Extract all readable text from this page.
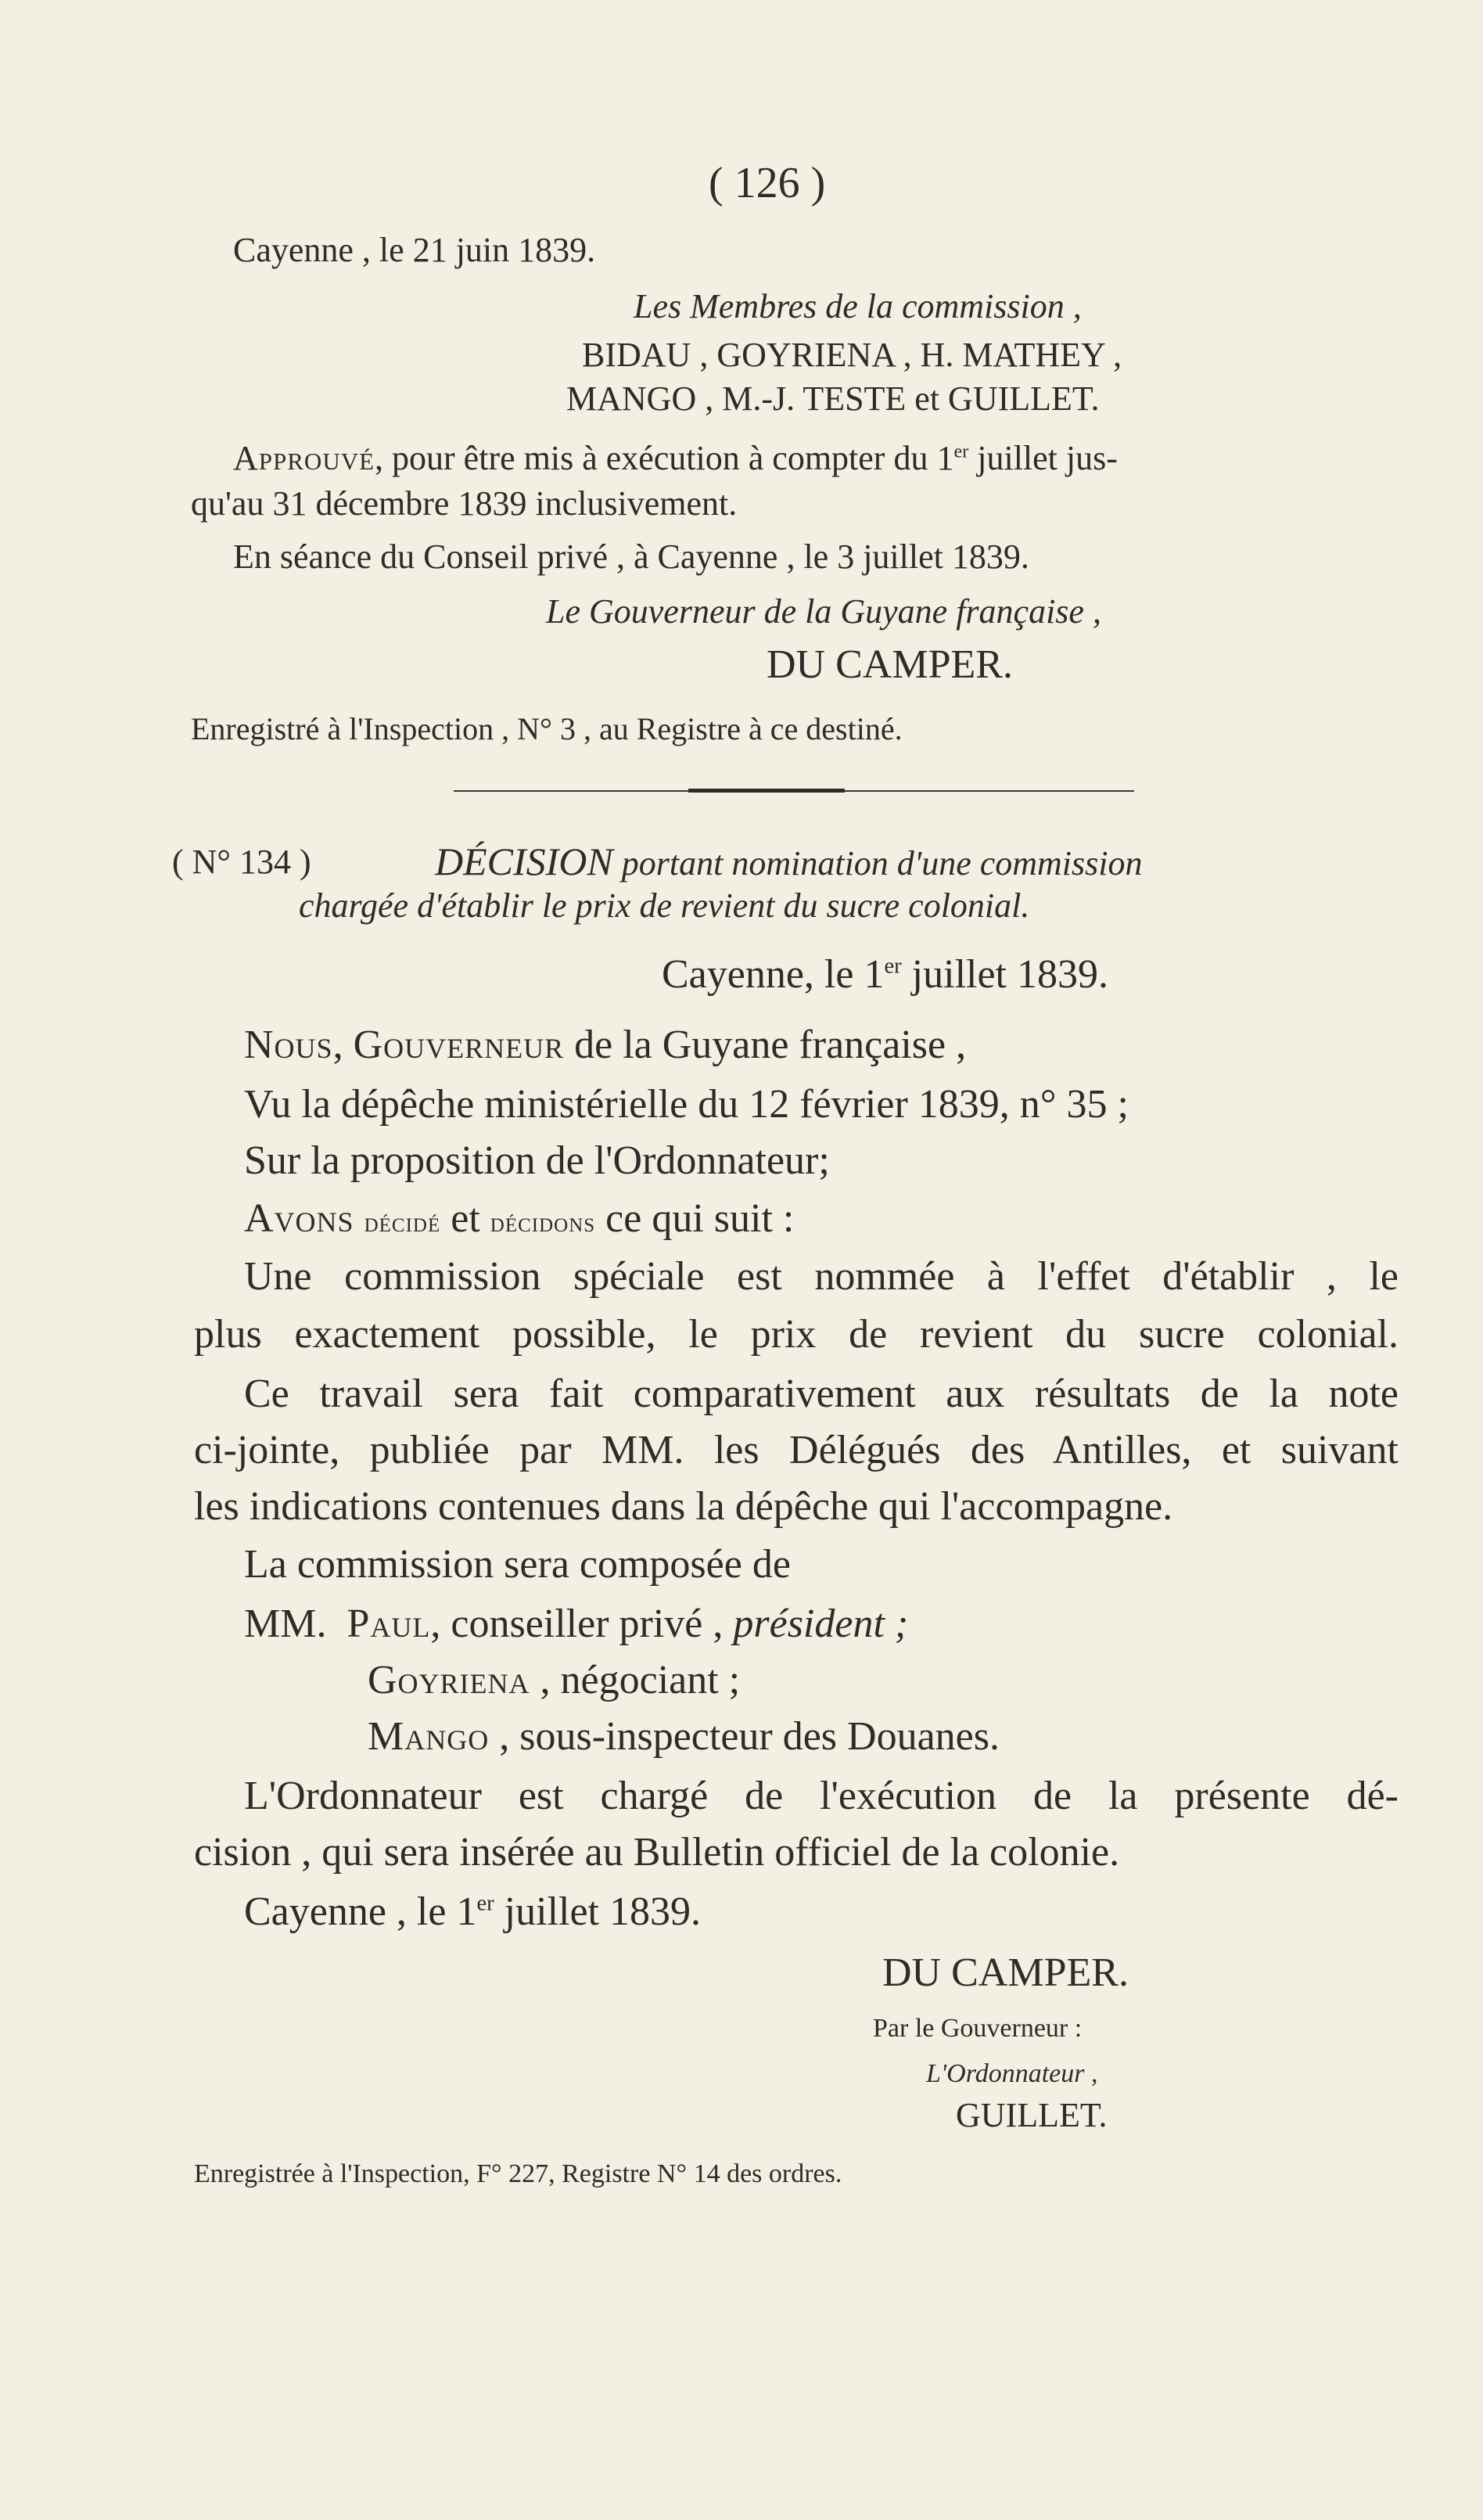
( 126 )
Cayenne , le 21 juin 1839.
Les Membres de la commission ,
BIDAU , GOYRIENA , H. MATHEY ,
MANGO , M.-J. TESTE et GUILLET.
Approuvé, pour être mis à exécution à compter du 1er juillet jus-
qu'au 31 décembre 1839 inclusivement.
En séance du Conseil privé , à Cayenne , le 3 juillet 1839.
Le Gouverneur de la Guyane française ,
DU CAMPER.
Enregistré à l'Inspection , N° 3 , au Registre à ce destiné.
( N° 134 )	DÉCISION portant nomination d'une commission
chargée d'établir le prix de revient du sucre colonial.
Cayenne, le 1er juillet 1839.
Nous, Gouverneur de la Guyane française ,
Vu la dépêche ministérielle du 12 février 1839, n° 35 ;
Sur la proposition de l'Ordonnateur;
Avons décidé et décidons ce qui suit :
Une commission spéciale est nommée à l'effet d'établir , le
plus exactement possible, le prix de revient du sucre colonial.
Ce travail sera fait comparativement aux résultats de la note
ci-jointe, publiée par MM. les Délégués des Antilles, et suivant
les indications contenues dans la dépêche qui l'accompagne.
La commission sera composée de
MM. Paul, conseiller privé , président ;
Goyriena , négociant ;
Mango , sous-inspecteur des Douanes.
L'Ordonnateur est chargé de l'exécution de la présente dé-
cision , qui sera insérée au Bulletin officiel de la colonie.
Cayenne , le 1er juillet 1839.
DU CAMPER.
Par le Gouverneur :
L'Ordonnateur ,
GUILLET.
Enregistrée à l'Inspection, F° 227, Registre N° 14 des ordres.
